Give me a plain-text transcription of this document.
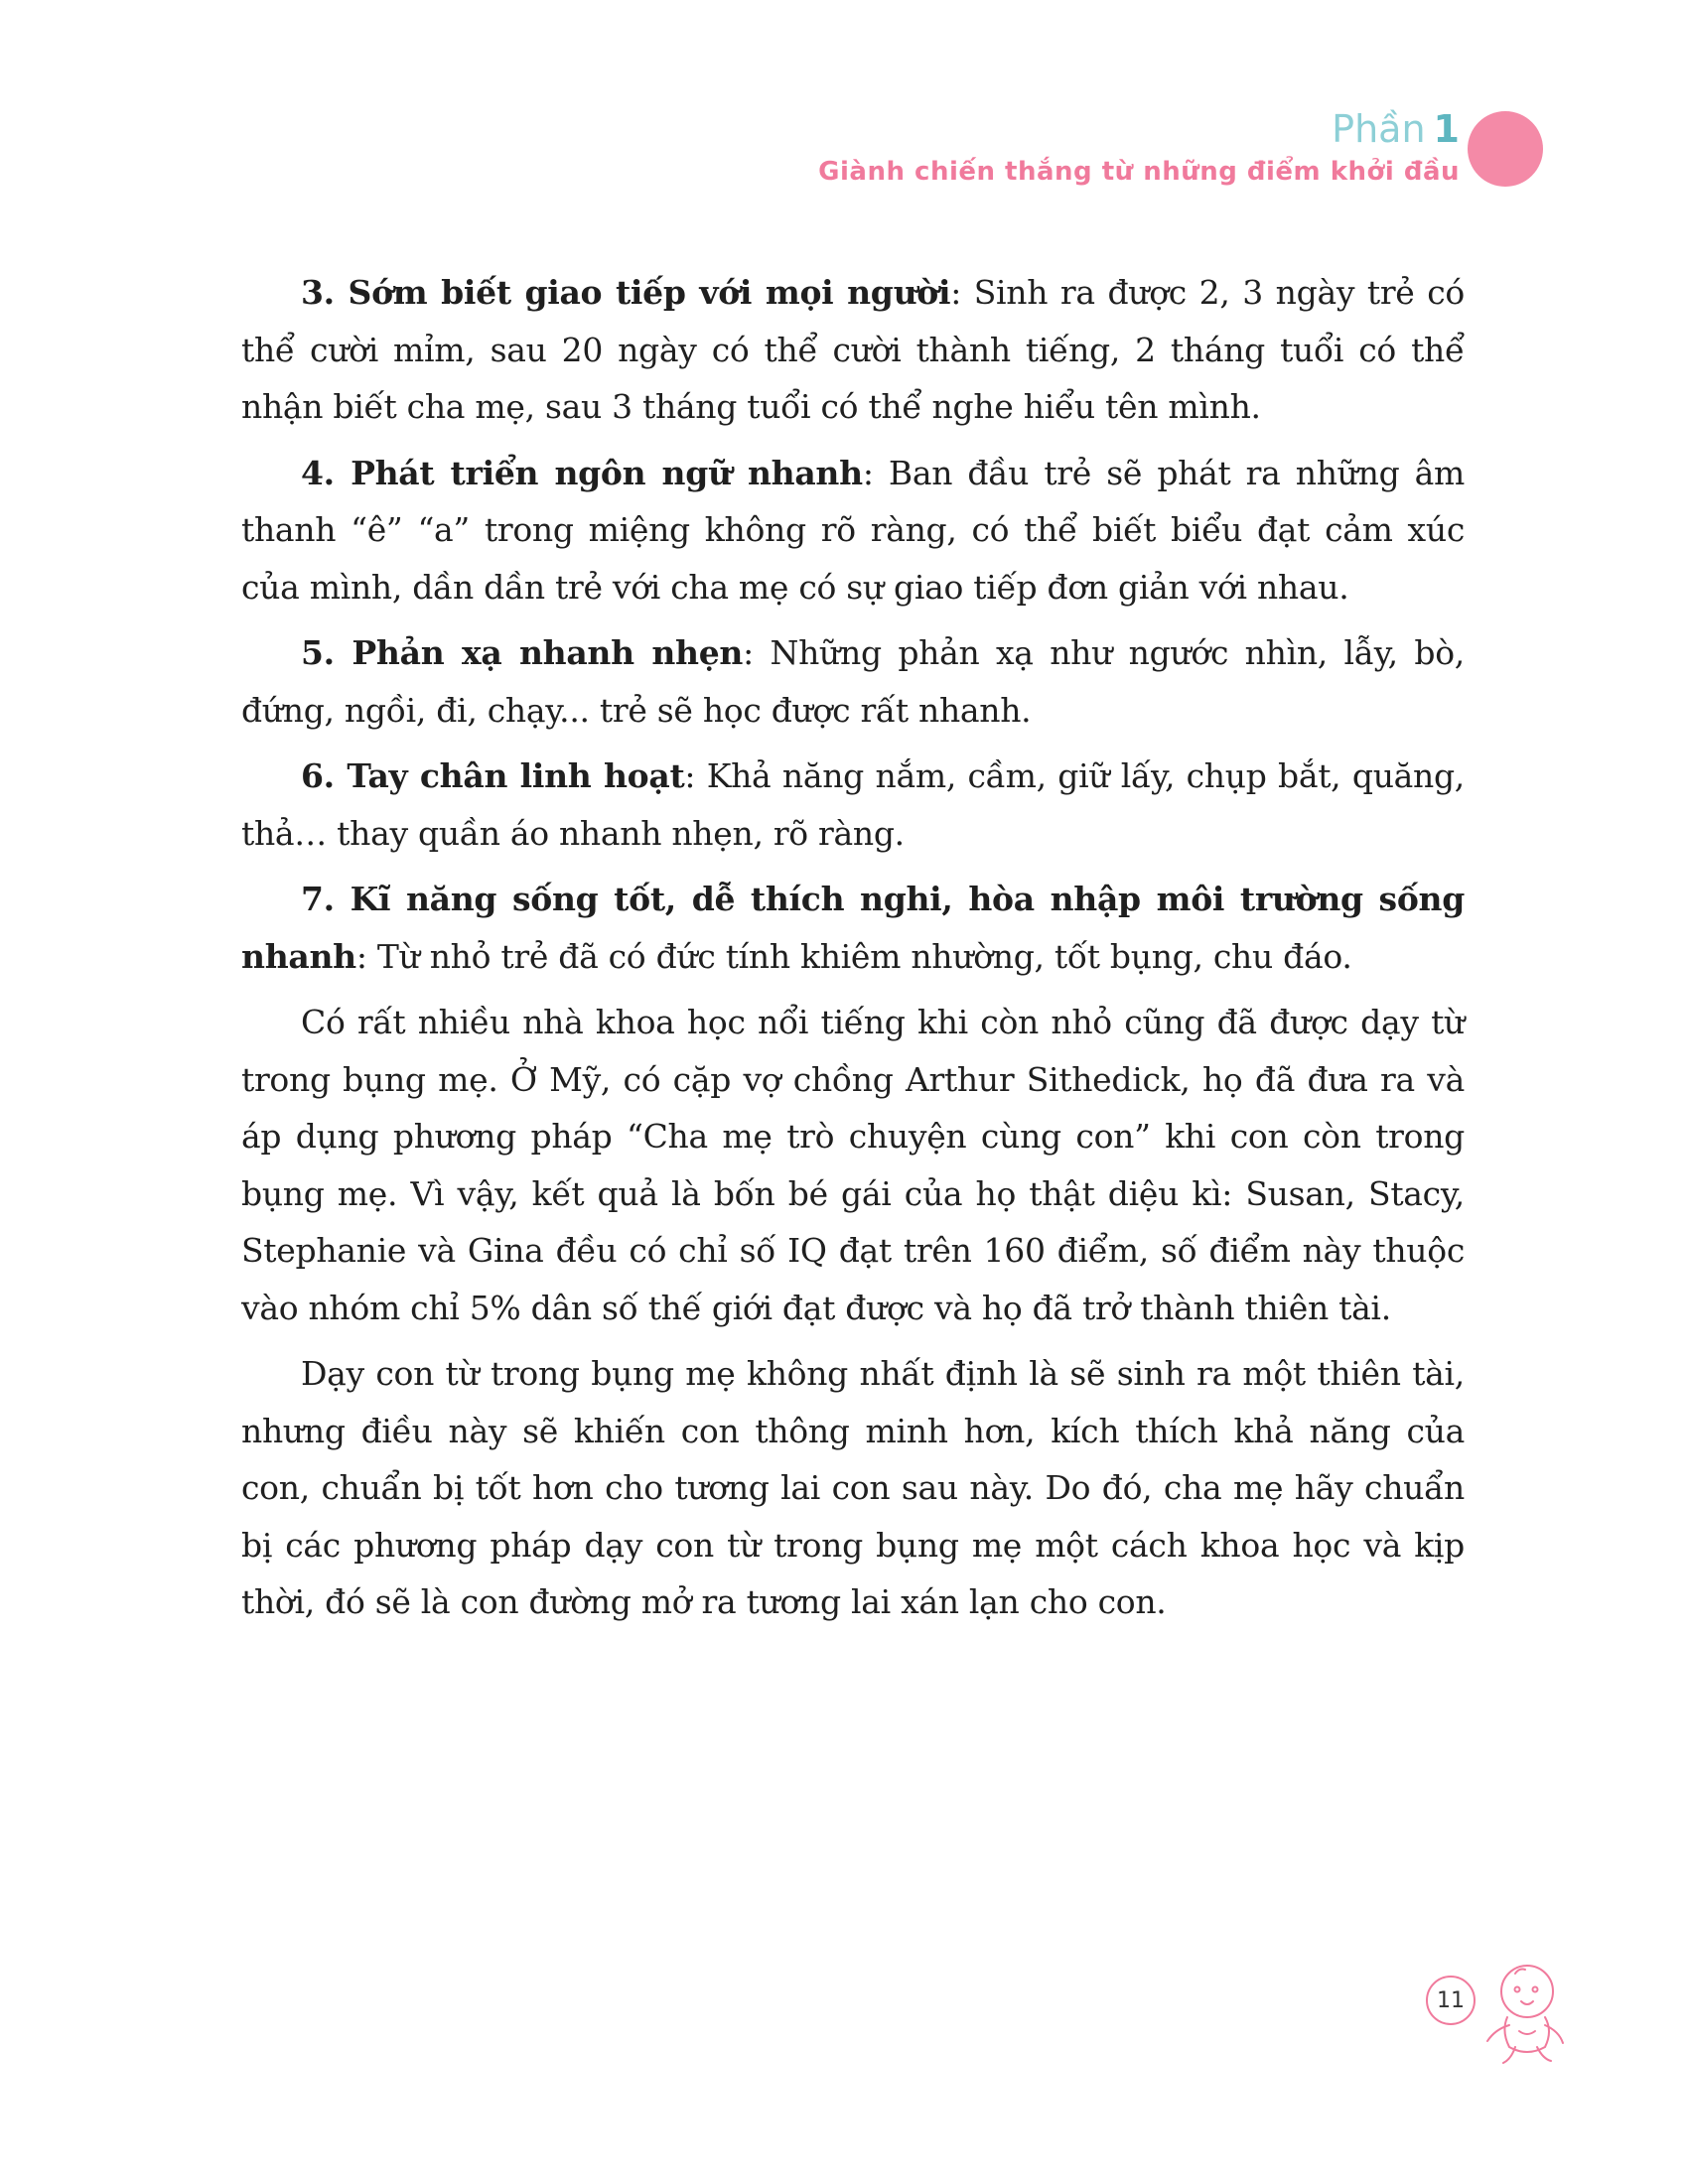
Phần 1
Giành chiến thắng từ những điểm khởi đầu

3. Sớm biết giao tiếp với mọi người: Sinh ra được 2, 3 ngày trẻ có thể cười mỉm, sau 20 ngày có thể cười thành tiếng, 2 tháng tuổi có thể nhận biết cha mẹ, sau 3 tháng tuổi có thể nghe hiểu tên mình.

4. Phát triển ngôn ngữ nhanh: Ban đầu trẻ sẽ phát ra những âm thanh “ê” “a” trong miệng không rõ ràng, có thể biết biểu đạt cảm xúc của mình, dần dần trẻ với cha mẹ có sự giao tiếp đơn giản với nhau.

5. Phản xạ nhanh nhẹn: Những phản xạ như ngước nhìn, lẫy, bò, đứng, ngồi, đi, chạy... trẻ sẽ học được rất nhanh.

6. Tay chân linh hoạt: Khả năng nắm, cầm, giữ lấy, chụp bắt, quăng, thả… thay quần áo nhanh nhẹn, rõ ràng.

7. Kĩ năng sống tốt, dễ thích nghi, hòa nhập môi trường sống nhanh: Từ nhỏ trẻ đã có đức tính khiêm nhường, tốt bụng, chu đáo.

Có rất nhiều nhà khoa học nổi tiếng khi còn nhỏ cũng đã được dạy từ trong bụng mẹ. Ở Mỹ, có cặp vợ chồng Arthur Sithedick, họ đã đưa ra và áp dụng phương pháp “Cha mẹ trò chuyện cùng con” khi con còn trong bụng mẹ. Vì vậy, kết quả là bốn bé gái của họ thật diệu kì: Susan, Stacy, Stephanie và Gina đều có chỉ số IQ đạt trên 160 điểm, số điểm này thuộc vào nhóm chỉ 5% dân số thế giới đạt được và họ đã trở thành thiên tài.

Dạy con từ trong bụng mẹ không nhất định là sẽ sinh ra một thiên tài, nhưng điều này sẽ khiến con thông minh hơn, kích thích khả năng của con, chuẩn bị tốt hơn cho tương lai con sau này. Do đó, cha mẹ hãy chuẩn bị các phương pháp dạy con từ trong bụng mẹ một cách khoa học và kịp thời, đó sẽ là con đường mở ra tương lai xán lạn cho con.

11
